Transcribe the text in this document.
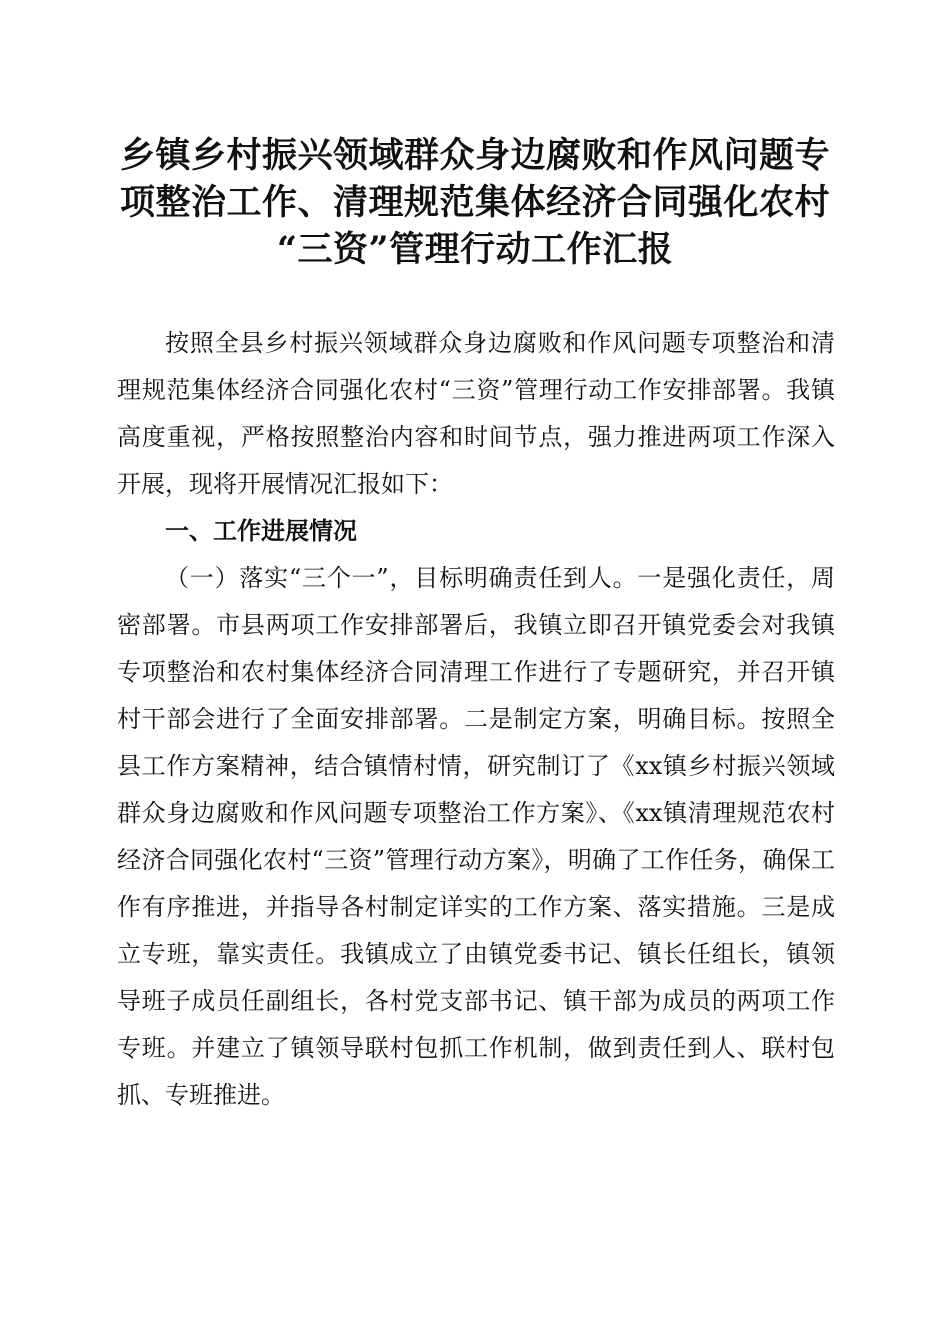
乡镇乡村振兴领域群众身边腐败和作风问题专
项整治工作、清理规范集体经济合同强化农村
“三资”管理行动工作汇报

按照全县乡村振兴领域群众身边腐败和作风问题专项整治和清理规范集体经济合同强化农村“三资”管理行动工作安排部署。我镇高度重视，严格按照整治内容和时间节点，强力推进两项工作深入开展，现将开展情况汇报如下：

一、工作进展情况

（一）落实“三个一”，目标明确责任到人。一是强化责任，周密部署。市县两项工作安排部署后，我镇立即召开镇党委会对我镇专项整治和农村集体经济合同清理工作进行了专题研究，并召开镇村干部会进行了全面安排部署。二是制定方案，明确目标。按照全县工作方案精神，结合镇情村情，研究制订了《xx镇乡村振兴领域群众身边腐败和作风问题专项整治工作方案》、《xx镇清理规范农村经济合同强化农村“三资”管理行动方案》，明确了工作任务，确保工作有序推进，并指导各村制定详实的工作方案、落实措施。三是成立专班，靠实责任。我镇成立了由镇党委书记、镇长任组长，镇领导班子成员任副组长，各村党支部书记、镇干部为成员的两项工作专班。并建立了镇领导联村包抓工作机制，做到责任到人、联村包抓、专班推进。
